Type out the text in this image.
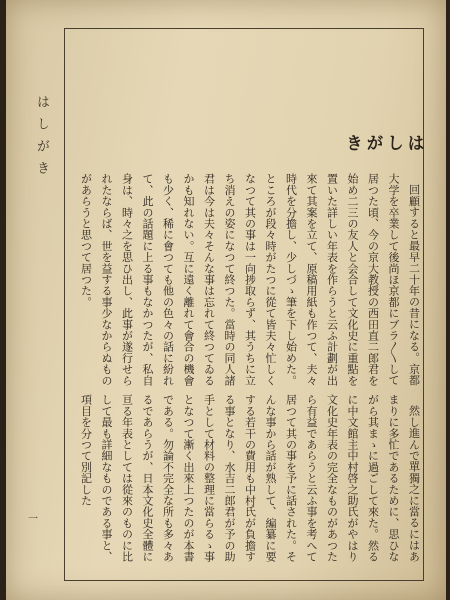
はしがき	はしがき

回顧すると最早二十年の昔になる。京都大学を卒業して後尚ほ京都にブラ〳〵して居つた頃、今の京大教授の西田直二郎君を始め二三の友人と会合して文化史に重點を置いた詳しい年表を作らうと云ふ計劃が出來て其案を立て、原稿用紙も作つて、夫々時代を分擔し、少しづゝ筆を下し始めた。ところが段々時がたつに從て皆夫々忙しくなつて其の事は一向捗取らず、其うちに立ち消えの姿になつて終つた。當時の同人諸君は今は夫々そんな事は忘れて終つてゐるかも知れない。互に遠く離れて會合の機會も少く、稀に會つても他の色々の話に紛れて、此の話題に上る事もなかつたが、私自身は、時々之を思ひ出し、此事が遂行せられたならば、世を益する事少なからぬものがあらうと思つて居つた。

然し進んで單獨之に當るにはあまりに多忙であるために、思ひながら其まゝに過ごして來た。然るに中文館主中村啓之助氏がやはり文化史年表の完全なものがあつたら有益であらうと云ふ事を考へて居つて其の事を予に話された。そんな事から話が熟して、編纂に要する若干の費用も中村氏が負擔する事となり、水吉二郎君が予の助手として材料の整理に當らるゝ事となつて漸く出來上つたのが本書である。勿論不完全な所も多々あるであらうが、日本文化史全體に亘る年表としては從來のものに比して最も詳細なものである事と、項目を分つて別記した

一
